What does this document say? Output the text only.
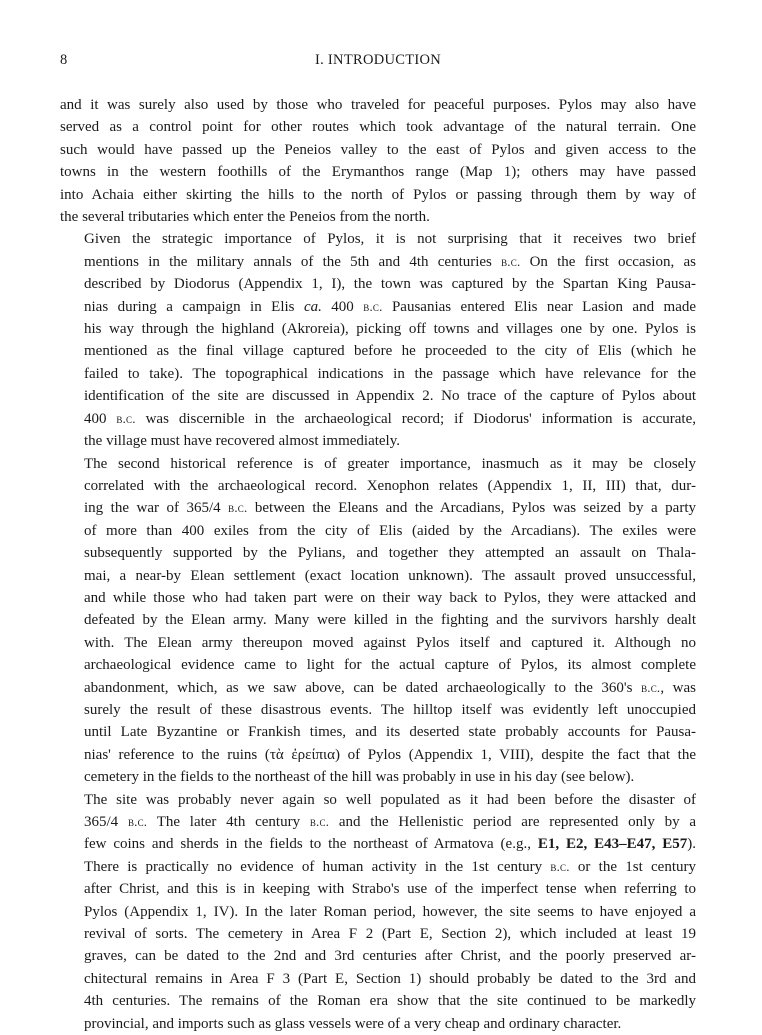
8	I. INTRODUCTION
and it was surely also used by those who traveled for peaceful purposes. Pylos may also have
served as a control point for other routes which took advantage of the natural terrain. One
such would have passed up the Peneios valley to the east of Pylos and given access to the
towns in the western foothills of the Erymanthos range (Map 1); others may have passed
into Achaia either skirting the hills to the north of Pylos or passing through them by way of
the several tributaries which enter the Peneios from the north.
Given the strategic importance of Pylos, it is not surprising that it receives two brief
mentions in the military annals of the 5th and 4th centuries b.c. On the first occasion, as
described by Diodorus (Appendix 1, I), the town was captured by the Spartan King Pausa-
nias during a campaign in Elis ca. 400 b.c. Pausanias entered Elis near Lasion and made
his way through the highland (Akroreia), picking off towns and villages one by one. Pylos is
mentioned as the final village captured before he proceeded to the city of Elis (which he
failed to take). The topographical indications in the passage which have relevance for the
identification of the site are discussed in Appendix 2. No trace of the capture of Pylos about
400 b.c. was discernible in the archaeological record; if Diodorus' information is accurate,
the village must have recovered almost immediately.
The second historical reference is of greater importance, inasmuch as it may be closely
correlated with the archaeological record. Xenophon relates (Appendix 1, II, III) that, dur-
ing the war of 365/4 b.c. between the Eleans and the Arcadians, Pylos was seized by a party
of more than 400 exiles from the city of Elis (aided by the Arcadians). The exiles were
subsequently supported by the Pylians, and together they attempted an assault on Thala-
mai, a near-by Elean settlement (exact location unknown). The assault proved unsuccessful,
and while those who had taken part were on their way back to Pylos, they were attacked and
defeated by the Elean army. Many were killed in the fighting and the survivors harshly dealt
with. The Elean army thereupon moved against Pylos itself and captured it. Although no
archaeological evidence came to light for the actual capture of Pylos, its almost complete
abandonment, which, as we saw above, can be dated archaeologically to the 360's b.c., was
surely the result of these disastrous events. The hilltop itself was evidently left unoccupied
until Late Byzantine or Frankish times, and its deserted state probably accounts for Pausa-
nias' reference to the ruins (τὰ ἐρείπια) of Pylos (Appendix 1, VIII), despite the fact that the
cemetery in the fields to the northeast of the hill was probably in use in his day (see below).
The site was probably never again so well populated as it had been before the disaster of
365/4 b.c. The later 4th century b.c. and the Hellenistic period are represented only by a
few coins and sherds in the fields to the northeast of Armatova (e.g., E1, E2, E43–E47, E57).
There is practically no evidence of human activity in the 1st century b.c. or the 1st century
after Christ, and this is in keeping with Strabo's use of the imperfect tense when referring to
Pylos (Appendix 1, IV). In the later Roman period, however, the site seems to have enjoyed a
revival of sorts. The cemetery in Area F 2 (Part E, Section 2), which included at least 19
graves, can be dated to the 2nd and 3rd centuries after Christ, and the poorly preserved ar-
chitectural remains in Area F 3 (Part E, Section 1) should probably be dated to the 3rd and
4th centuries. The remains of the Roman era show that the site continued to be markedly
provincial, and imports such as glass vessels were of a very cheap and ordinary character.
